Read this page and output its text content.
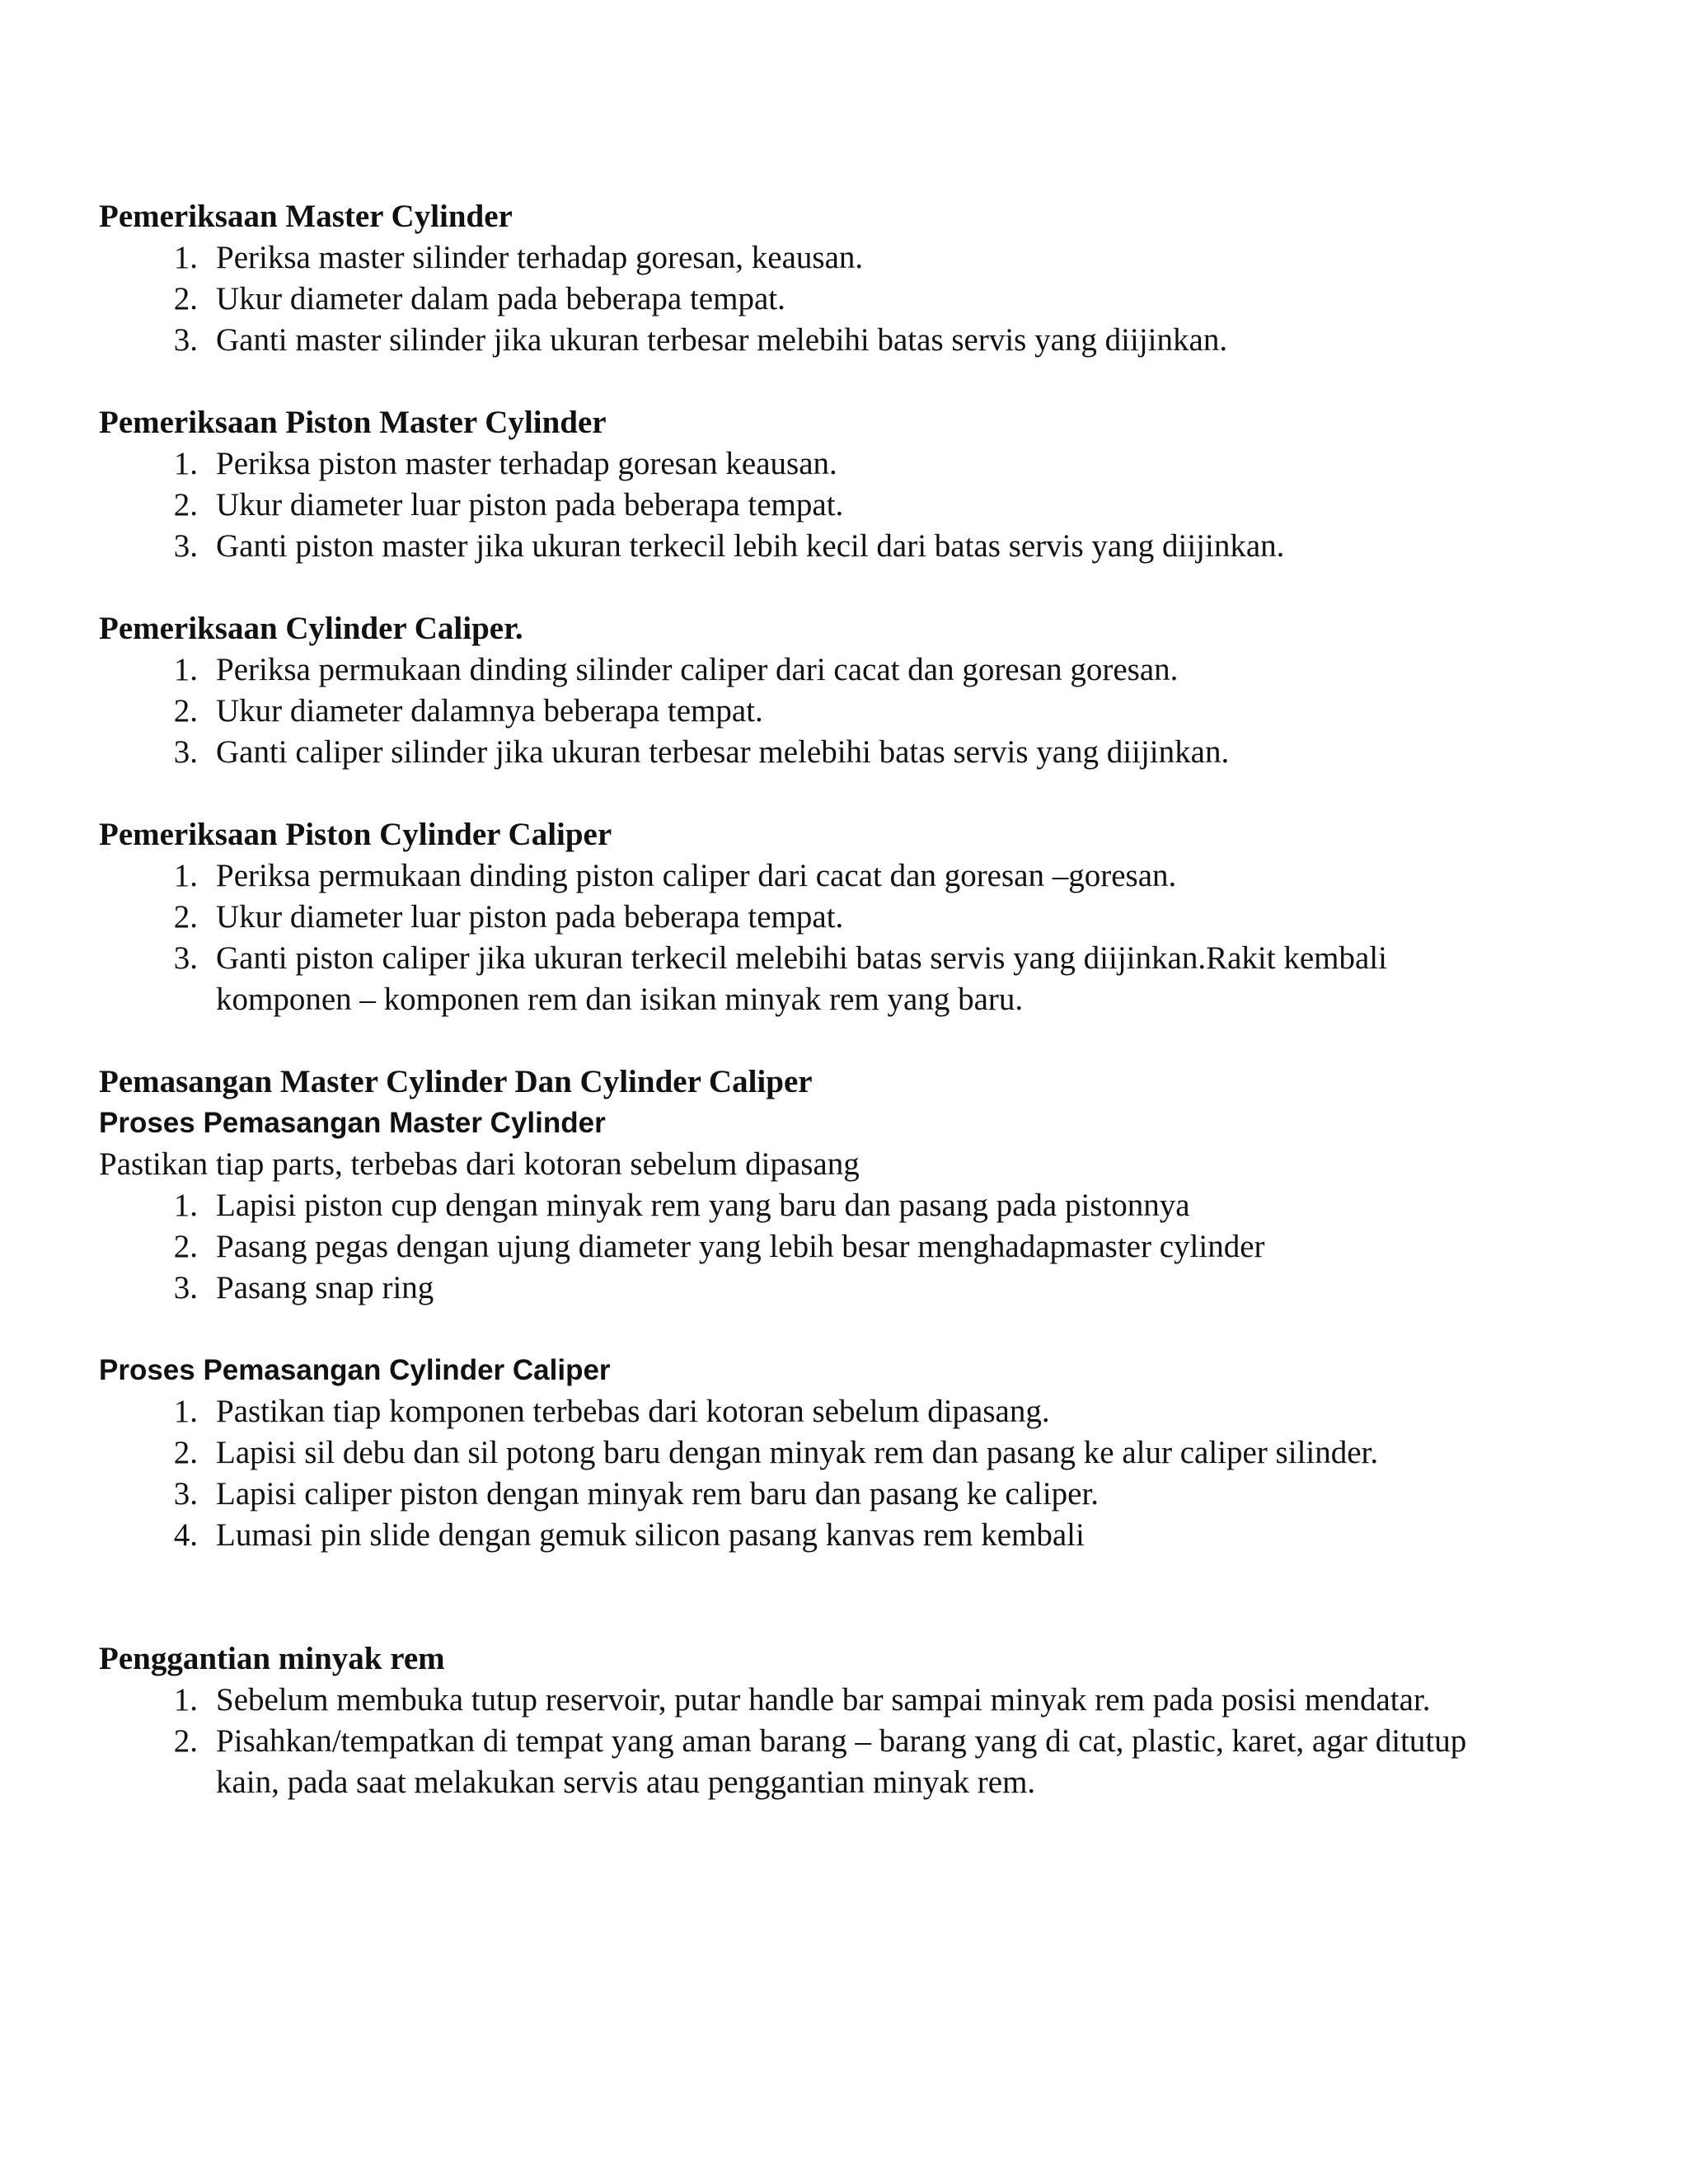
Pemeriksaan Master Cylinder

1. Periksa master silinder terhadap goresan, keausan.
2. Ukur diameter dalam pada beberapa tempat.
3. Ganti master silinder jika ukuran terbesar melebihi batas servis yang diijinkan.

Pemeriksaan Piston Master Cylinder

1. Periksa piston master terhadap goresan keausan.
2. Ukur diameter luar piston pada beberapa tempat.
3. Ganti piston master jika ukuran terkecil lebih kecil dari batas servis yang diijinkan.

Pemeriksaan Cylinder Caliper.

1. Periksa permukaan dinding silinder caliper dari cacat dan goresan goresan.
2. Ukur diameter dalamnya beberapa tempat.
3. Ganti caliper silinder jika ukuran terbesar melebihi batas servis yang diijinkan.

Pemeriksaan Piston Cylinder Caliper

1. Periksa permukaan dinding piston caliper dari cacat dan goresan –goresan.
2. Ukur diameter luar piston pada beberapa tempat.
3. Ganti piston caliper jika ukuran terkecil melebihi batas servis yang diijinkan.Rakit kembali komponen – komponen rem dan isikan minyak rem yang baru.

Pemasangan Master Cylinder Dan Cylinder Caliper

Proses Pemasangan Master Cylinder

Pastikan tiap parts, terbebas dari kotoran sebelum dipasang

1. Lapisi piston cup dengan minyak rem yang baru dan pasang pada pistonnya
2. Pasang pegas dengan ujung diameter yang lebih besar menghadapmaster cylinder
3. Pasang snap ring

Proses Pemasangan Cylinder Caliper

1. Pastikan tiap komponen terbebas dari kotoran sebelum dipasang.
2. Lapisi sil debu dan sil potong baru dengan minyak rem dan pasang ke alur caliper silinder.
3. Lapisi caliper piston dengan minyak rem baru dan pasang ke caliper.
4. Lumasi pin slide dengan gemuk silicon pasang kanvas rem kembali

Penggantian minyak rem

1. Sebelum membuka tutup reservoir, putar handle bar sampai minyak rem pada posisi mendatar.
2. Pisahkan/tempatkan di tempat yang aman barang – barang yang di cat, plastic, karet, agar ditutup kain, pada saat melakukan servis atau penggantian minyak rem.
